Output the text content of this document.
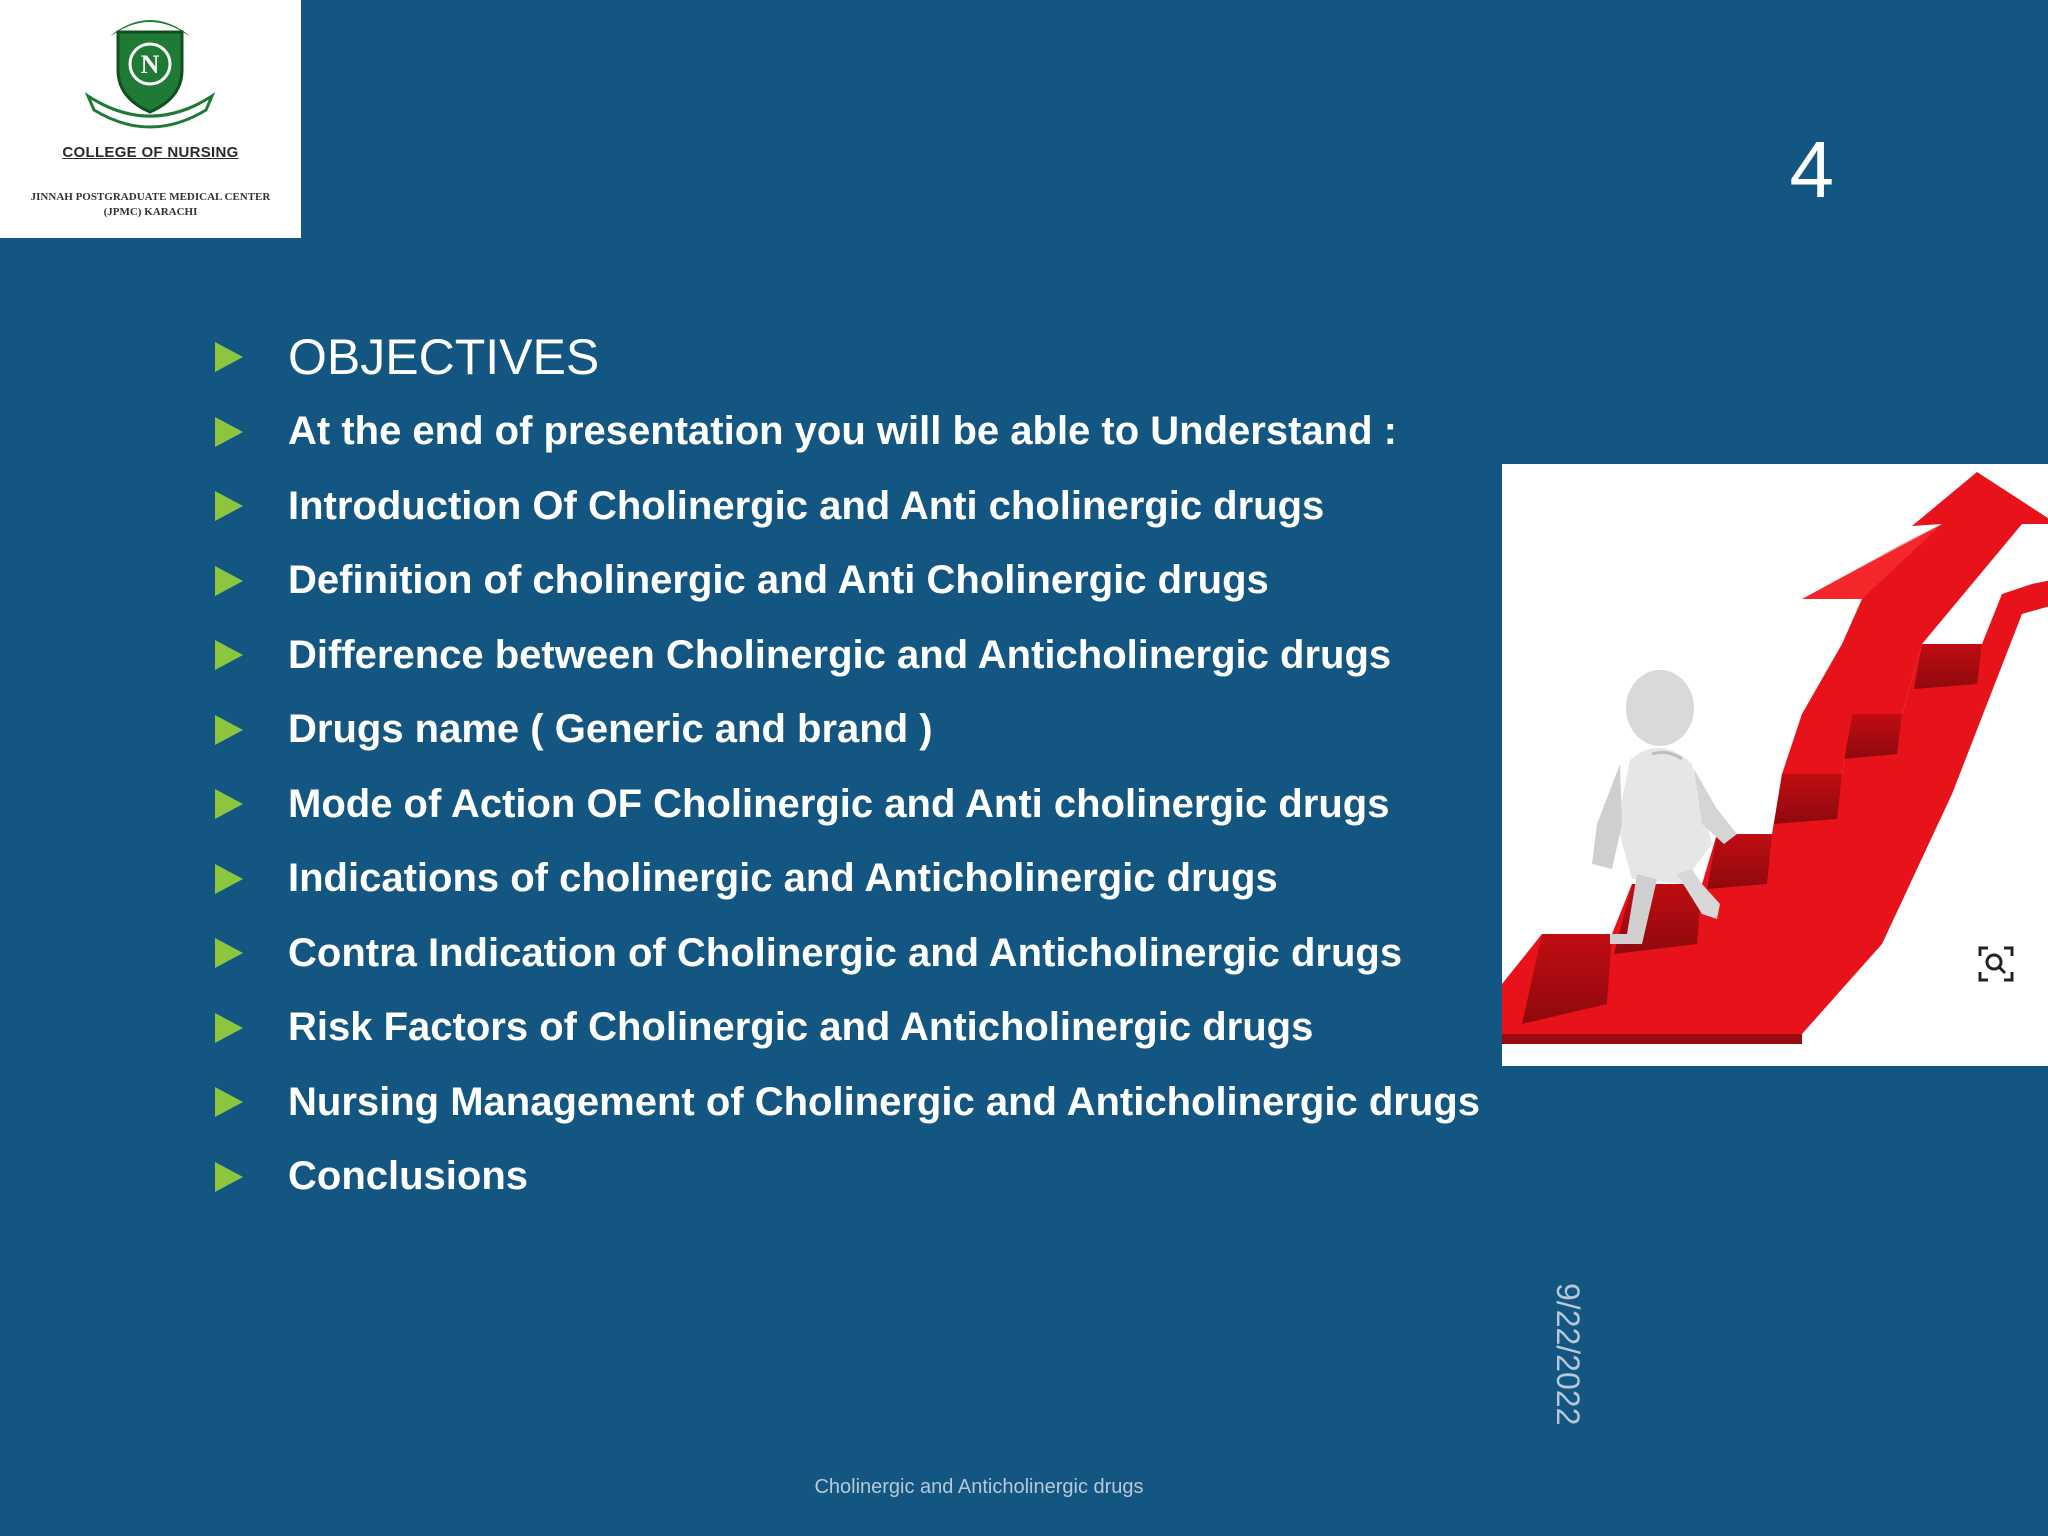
N
COLLEGE OF NURSING
JINNAH POSTGRADUATE MEDICAL CENTER
(JPMC) KARACHI	4
OBJECTIVES
At the end of presentation you will be able to Understand :
Introduction Of Cholinergic and Anti cholinergic drugs
Definition of cholinergic and Anti Cholinergic drugs
Difference between Cholinergic and Anticholinergic drugs
Drugs name ( Generic and brand )
Mode of Action OF Cholinergic and Anti cholinergic drugs
Indications of cholinergic and Anticholinergic drugs
Contra Indication of Cholinergic and Anticholinergic drugs
Risk Factors of Cholinergic and Anticholinergic drugs
Nursing Management of Cholinergic and Anticholinergic drugs
Conclusions
9/22/2022
Cholinergic and Anticholinergic drugs
